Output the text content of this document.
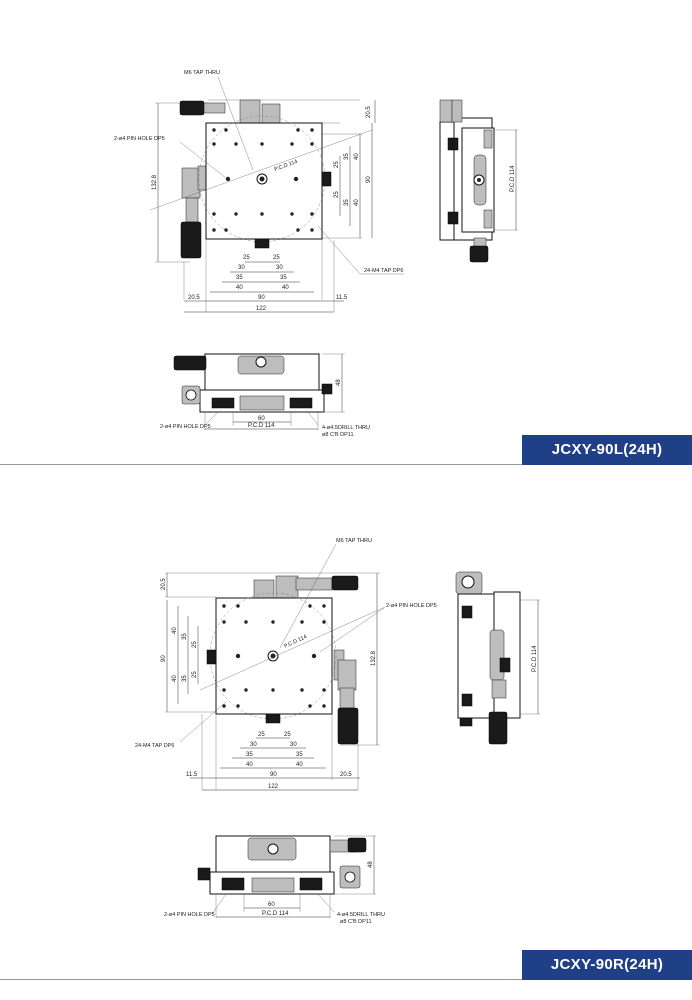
M6 TAP THRU
2-ø4 PIN HOLE DP5
24-M4 TAP DP6
P.C.D 114
25	25
30	30
35	35
40	40
20.5	90	11.5
122
20.5
35
25
25
35
40
40
90
132.8	P.C.D 114
48
60
P.C.D 114
2-ø4 PIN HOLE DP5	4-ø4.5DRILL THRU
ø8 C'B DP11
M6 TAP THRU
2-ø4 PIN HOLE DP5
24-M4 TAP DP6
P.C.D 114
25	25
30	30
35	35
40	40
11.5	90	20.5
122
20.5
40
35
25
25
35
40
90	132.8	P.C.D 114
48
60
P.C.D 114
2-ø4 PIN HOLE DP5	4-ø4.5DRILL THRU
ø8 C'B DP11
JCXY-90L(24H)
JCXY-90R(24H)
